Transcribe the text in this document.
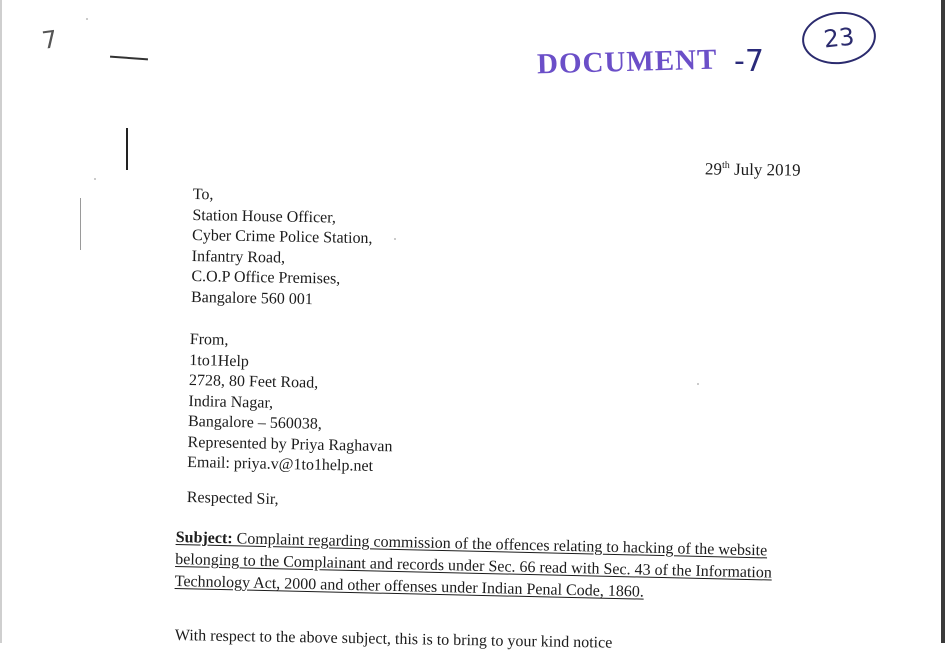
7
DOCUMENT -7
23
29th July 2019
To,
Station House Officer,
Cyber Crime Police Station,
Infantry Road,
C.O.P Office Premises,
Bangalore 560 001
From,
1to1Help
2728, 80 Feet Road,
Indira Nagar,
Bangalore – 560038,
Represented by Priya Raghavan
Email: priya.v@1to1help.net
Respected Sir,
Subject: Complaint regarding commission of the offences relating to hacking of the website belonging to the Complainant and records under Sec. 66 read with Sec. 43 of the Information Technology Act, 2000 and other offenses under Indian Penal Code, 1860.
With respect to the above subject, this is to bring to your kind notice
